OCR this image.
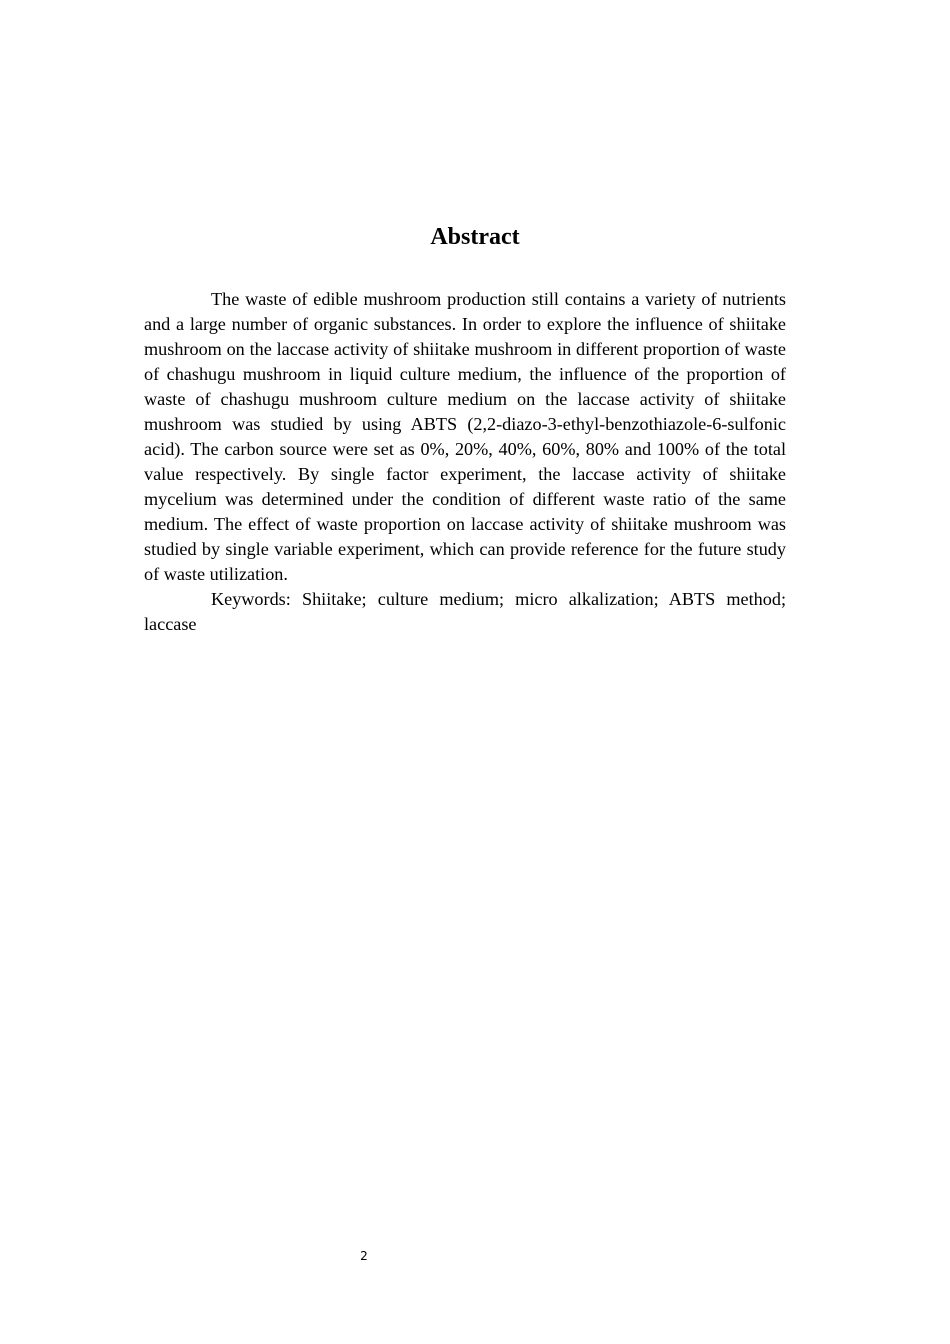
Abstract

The waste of edible mushroom production still contains a variety of nutrients and a large number of organic substances. In order to explore the influence of shiitake mushroom on the laccase activity of shiitake mushroom in different proportion of waste of chashugu mushroom in liquid culture medium, the influence of the proportion of waste of chashugu mushroom culture medium on the laccase activity of shiitake mushroom was studied by using ABTS (2,2-diazo-3-ethyl-benzothiazole-6-sulfonic acid). The carbon source were set as 0%, 20%, 40%, 60%, 80% and 100% of the total value respectively. By single factor experiment, the laccase activity of shiitake mycelium was determined under the condition of different waste ratio of the same medium. The effect of waste proportion on laccase activity of shiitake mushroom was studied by single variable experiment, which can provide reference for the future study of waste utilization.

Keywords: Shiitake; culture medium; micro alkalization; ABTS method; laccase

2
